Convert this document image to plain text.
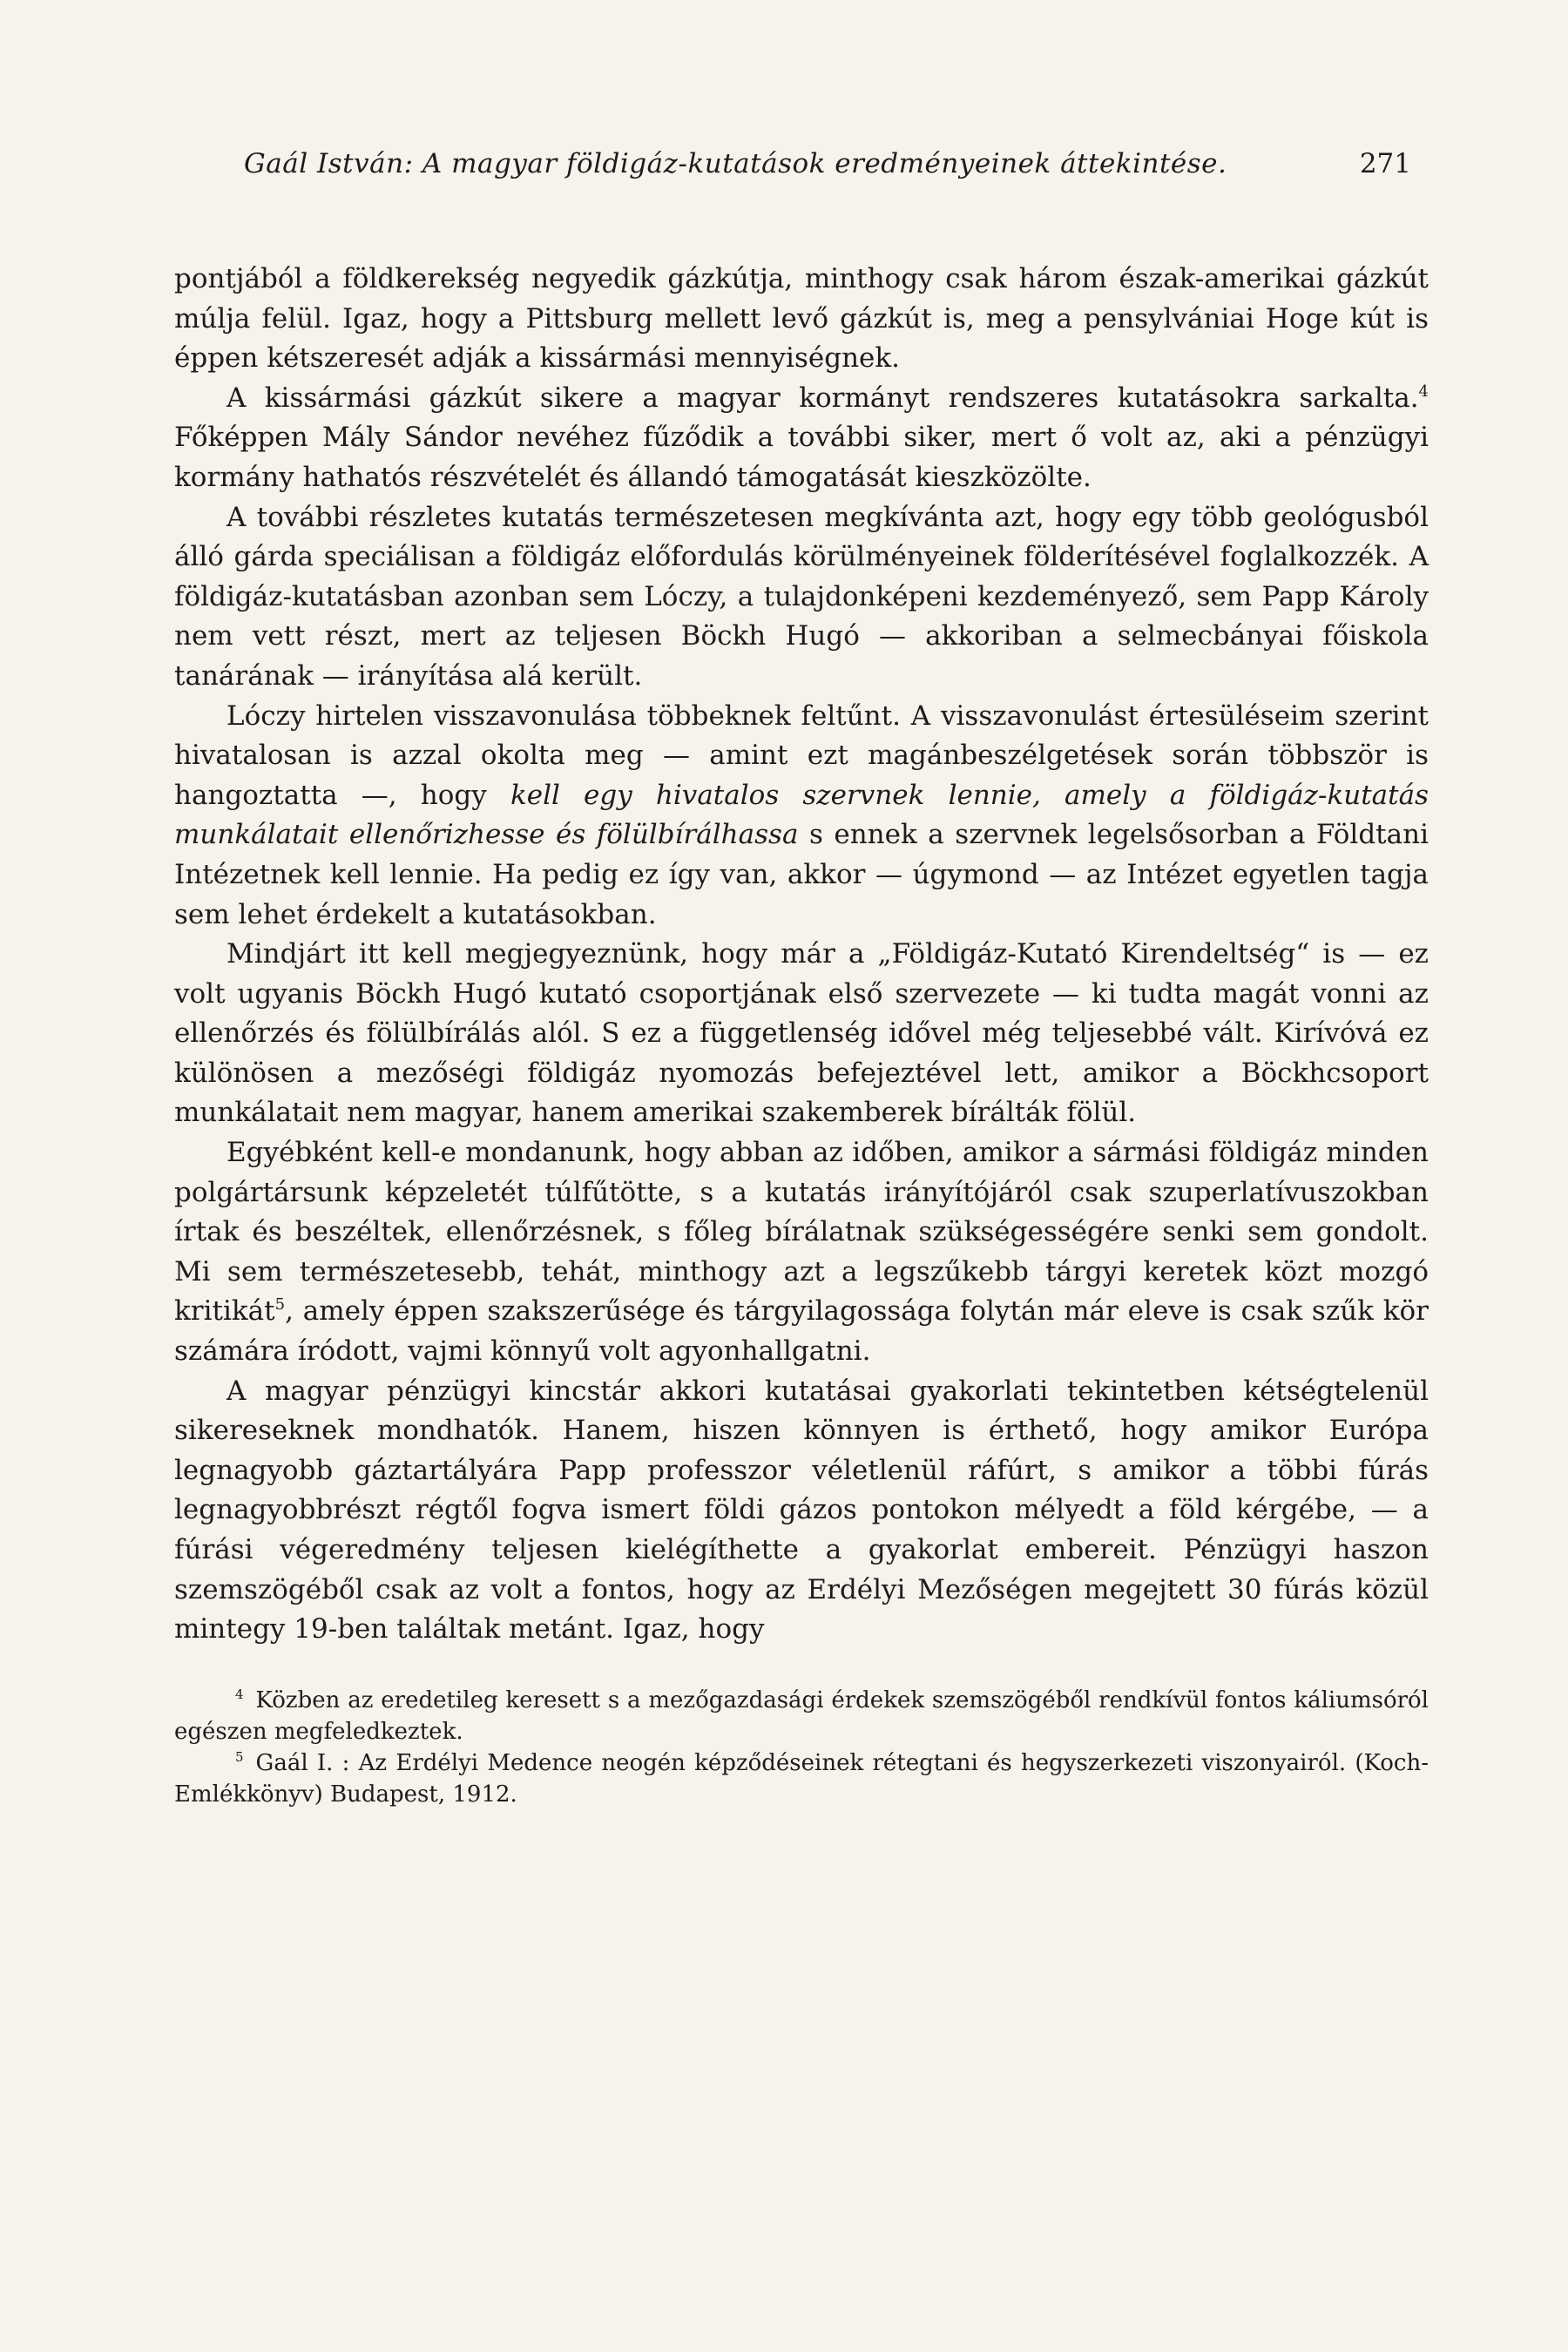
Gaál István: A magyar földigáz-kutatások eredményeinek áttekintése.	271

pontjából a földkerekség negyedik gázkútja, minthogy csak három észak-amerikai gázkút múlja felül. Igaz, hogy a Pittsburg mellett levő gázkút is, meg a pensylvániai Hoge kút is éppen kétszeresét adják a kissármási mennyiségnek.

A kissármási gázkút sikere a magyar kormányt rendszeres kutatásokra sarkalta.$^4$ Főképpen Mály Sándor nevéhez fűződik a további siker, mert ő volt az, aki a pénzügyi kormány hathatós részvételét és állandó támogatását kieszközölte.

A további részletes kutatás természetesen megkívánta azt, hogy egy több geológusból álló gárda speciálisan a földigáz előfordulás körülményeinek földerítésével foglalkozzék. A földigáz-kutatásban azonban sem Lóczy, a tulajdonképeni kezdeményező, sem Papp Károly nem vett részt, mert az teljesen Böckh Hugó — akkoriban a selmecbányai főiskola tanárának — irányítása alá került.

Lóczy hirtelen visszavonulása többeknek feltűnt. A visszavonulást értesüléseim szerint hivatalosan is azzal okolta meg — amint ezt magánbeszélgetések során többször is hangoztatta —, hogy kell egy hivatalos szervnek lennie, amely a földigáz-kutatás munkálatait ellenőrizhesse és fölülbírálhassa s ennek a szervnek legelsősorban a Földtani Intézetnek kell lennie. Ha pedig ez így van, akkor — úgymond — az Intézet egyetlen tagja sem lehet érdekelt a kutatásokban.

Mindjárt itt kell megjegyeznünk, hogy már a „Földigáz-Kutató Kirendeltség“ is — ez volt ugyanis Böckh Hugó kutató csoportjának első szervezete — ki tudta magát vonni az ellenőrzés és fölülbírálás alól. S ez a függetlenség idővel még teljesebbé vált. Kirívóvá ez különösen a mezőségi földigáz nyomozás befejeztével lett, amikor a Böckhcsoport munkálatait nem magyar, hanem amerikai szakemberek bírálták fölül.

Egyébként kell-e mondanunk, hogy abban az időben, amikor a sármási földigáz minden polgártársunk képzeletét túlfűtötte, s a kutatás irányítójáról csak szuperlatívuszokban írtak és beszéltek, ellenőrzésnek, s főleg bírálatnak szükségességére senki sem gondolt. Mi sem természetesebb, tehát, minthogy azt a legszűkebb tárgyi keretek közt mozgó kritikát$^5$, amely éppen szakszerűsége és tárgyilagossága folytán már eleve is csak szűk kör számára íródott, vajmi könnyű volt agyonhallgatni.

A magyar pénzügyi kincstár akkori kutatásai gyakorlati tekintetben kétségtelenül sikereseknek mondhatók. Hanem, hiszen könnyen is érthető, hogy amikor Európa legnagyobb gáztartályára Papp professzor véletlenül ráfúrt, s amikor a többi fúrás legnagyobbrészt régtől fogva ismert földi gázos pontokon mélyedt a föld kérgébe, — a fúrási végeredmény teljesen kielégíthette a gyakorlat embereit. Pénzügyi haszon szemszögéből csak az volt a fontos, hogy az Erdélyi Mezőségen megejtett 30 fúrás közül mintegy 19-ben találtak metánt. Igaz, hogy

$^4$ Közben az eredetileg keresett s a mezőgazdasági érdekek szemszögéből rendkívül fontos káliumsóról egészen megfeledkeztek.

$^5$ Gaál I. : Az Erdélyi Medence neogén képződéseinek rétegtani és hegyszerkezeti viszonyairól. (Koch-Emlékkönyv) Budapest, 1912.
